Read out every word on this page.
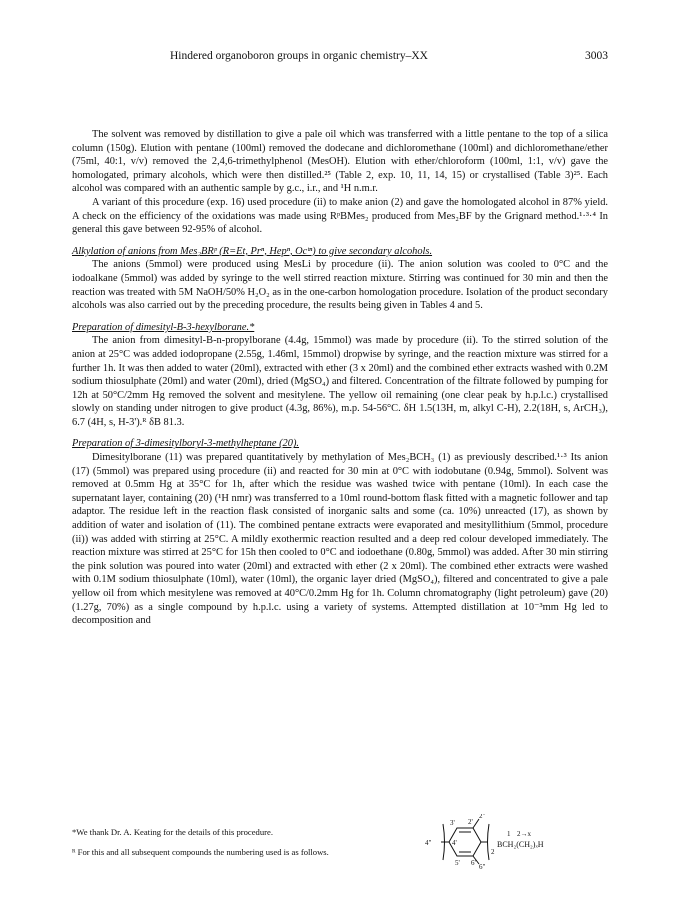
Hindered organoboron groups in organic chemistry–XX	3003

The solvent was removed by distillation to give a pale oil which was transferred with a little pentane to the top of a silica column (150g). Elution with pentane (100ml) removed the dodecane and dichloromethane (100ml) and dichloromethane/ether (75ml, 40:1, v/v) removed the 2,4,6-trimethylphenol (MesOH). Elution with ether/chloroform (100ml, 1:1, v/v) gave the homologated, primary alcohols, which were then distilled.²⁵ (Table 2, exp. 10, 11, 14, 15) or crystallised (Table 3)²⁵. Each alcohol was compared with an authentic sample by g.c., i.r., and ¹H n.m.r.

A variant of this procedure (exp. 16) used procedure (ii) to make anion (2) and gave the homologated alcohol in 87% yield. A check on the efficiency of the oxidations was made using RᵖBMes₂ produced from Mes₂BF by the Grignard method.¹·³·⁴ In general this gave between 92-95% of alcohol.

Alkylation of anions from Mes₂BRᵖ (R=Et, Prⁿ, Hepⁿ, Ocᵗⁿ) to give secondary alcohols.

The anions (5mmol) were produced using MesLi by procedure (ii). The anion solution was cooled to 0°C and the iodoalkane (5mmol) was added by syringe to the well stirred reaction mixture. Stirring was continued for 30 min and then the reaction was treated with 5M NaOH/50% H₂O₂ as in the one-carbon homologation procedure. Isolation of the product secondary alcohols was also carried out by the preceding procedure, the results being given in Tables 4 and 5.

Preparation of dimesityl-B-3-hexylborane.*

The anion from dimesityl-B-n-propylborane (4.4g, 15mmol) was made by procedure (ii). To the stirred solution of the anion at 25°C was added iodopropane (2.55g, 1.46ml, 15mmol) dropwise by syringe, and the reaction mixture was stirred for a further 1h. It was then added to water (20ml), extracted with ether (3 x 20ml) and the combined ether extracts washed with 0.2M sodium thiosulphate (20ml) and water (20ml), dried (MgSO₄) and filtered. Concentration of the filtrate followed by pumping for 12h at 50°C/2mm Hg removed the solvent and mesitylene. The yellow oil remaining (one clear peak by h.p.l.c.) crystallised slowly on standing under nitrogen to give product (4.3g, 86%), m.p. 54-56°C. δH 1.5(13H, m, alkyl C-H), 2.2(18H, s, ArCH₃), 6.7 (4H, s, H-3').ᴿ δB 81.3.

Preparation of 3-dimesitylboryl-3-methylheptane (20).

Dimesitylborane (11) was prepared quantitatively by methylation of Mes₂BCH₃ (1) as previously described.¹·³ Its anion (17) (5mmol) was prepared using procedure (ii) and reacted for 30 min at 0°C with iodobutane (0.94g, 5mmol). Solvent was removed at 0.5mm Hg at 35°C for 1h, after which the residue was washed twice with pentane (10ml). In each case the supernatant layer, containing (20) (¹H nmr) was transferred to a 10ml round-bottom flask fitted with a magnetic follower and tap adaptor. The residue left in the reaction flask consisted of inorganic salts and some (ca. 10%) unreacted (17), as shown by addition of water and isolation of (11). The combined pentane extracts were evaporated and mesityllithium (5mmol, procedure (ii)) was added with stirring at 25°C. A mildly exothermic reaction resulted and a deep red colour developed immediately. The reaction mixture was stirred at 25°C for 15h then cooled to 0°C and iodoethane (0.80g, 5mmol) was added. After 30 min stirring the pink solution was poured into water (20ml) and extracted with ether (2 x 20ml). The combined ether extracts were washed with 0.1M sodium thiosulphate (10ml), water (10ml), the organic layer dried (MgSO₄), filtered and concentrated to give a pale yellow oil from which mesitylene was removed at 40°C/0.2mm Hg for 1h. Column chromatography (light petroleum) gave (20) (1.27g, 70%) as a single compound by h.p.l.c. using a variety of systems. Attempted distillation at 10⁻³mm Hg led to decomposition and

*We thank Dr. A. Keating for the details of this procedure.
ᴿ For this and all subsequent compounds the numbering used is as follows.
3' 2'
2"
1 2→x
4"	4'
5' 6' 6"
2
BCH₂(CH₂)ₓH
